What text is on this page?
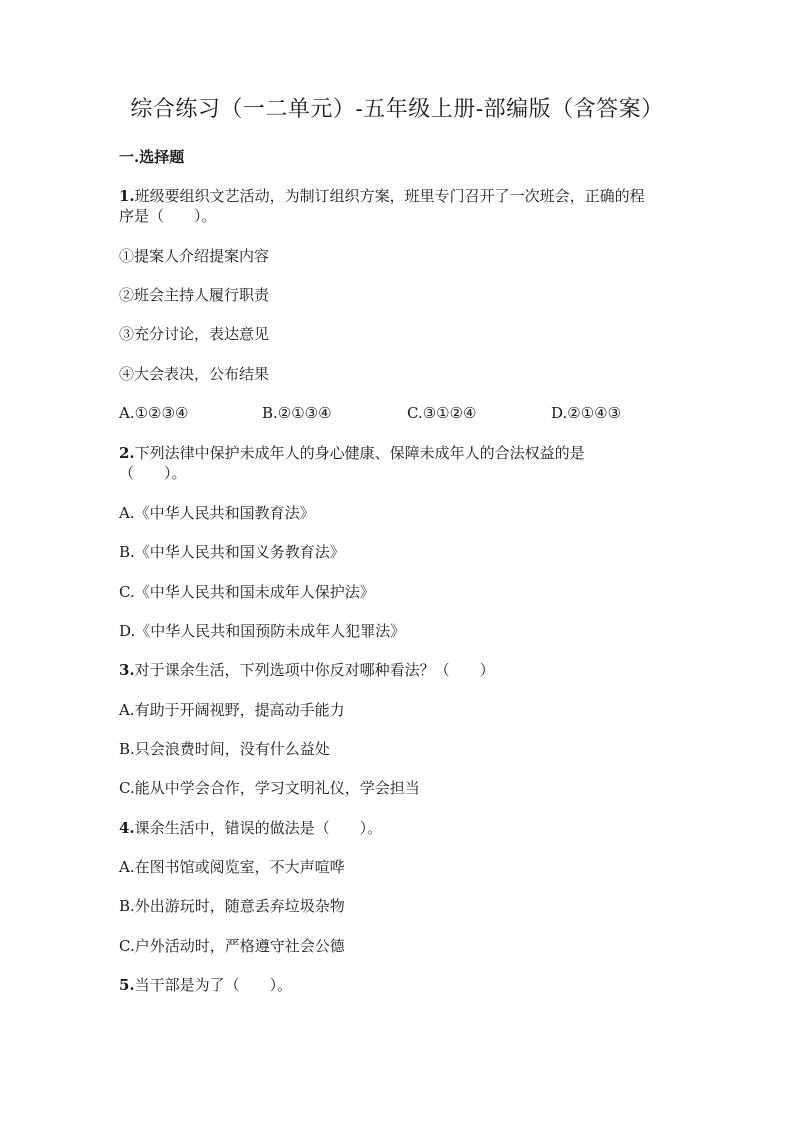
综合练习（一二单元）-五年级上册-部编版（含答案）
一.选择题
1.班级要组织文艺活动，为制订组织方案，班里专门召开了一次班会，正确的程
序是（　　）。
①提案人介绍提案内容
②班会主持人履行职责
③充分讨论，表达意见
④大会表决，公布结果
A.①②③④	B.②①③④	C.③①②④	D.②①④③
2.下列法律中保护未成年人的身心健康、保障未成年人的合法权益的是
（　　）。
A.《中华人民共和国教育法》
B.《中华人民共和国义务教育法》
C.《中华人民共和国未成年人保护法》
D.《中华人民共和国预防未成年人犯罪法》
3.对于课余生活，下列选项中你反对哪种看法？（　　）
A.有助于开阔视野，提高动手能力
B.只会浪费时间，没有什么益处
C.能从中学会合作，学习文明礼仪，学会担当
4.课余生活中，错误的做法是（　　）。
A.在图书馆或阅览室，不大声喧哗
B.外出游玩时，随意丢弃垃圾杂物
C.户外活动时，严格遵守社会公德
5.当干部是为了（　　）。
